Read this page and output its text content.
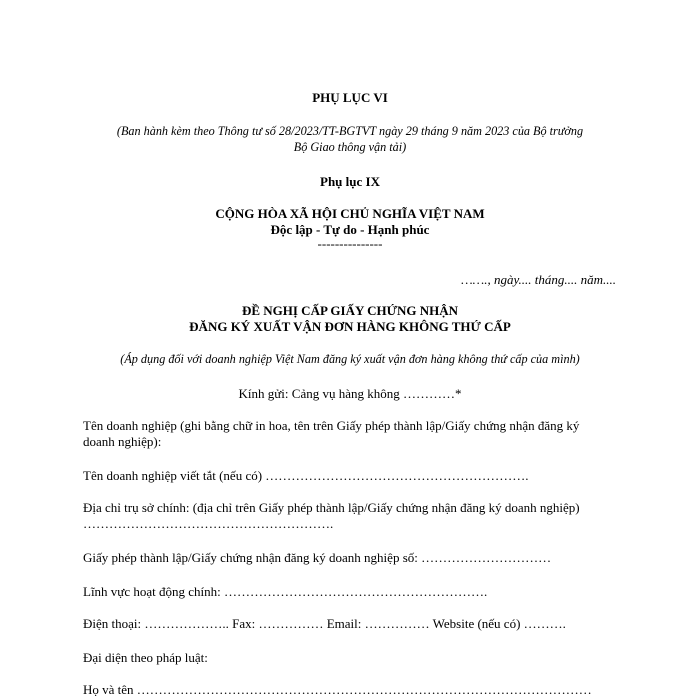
PHỤ LỤC VI
(Ban hành kèm theo Thông tư số 28/2023/TT-BGTVT ngày 29 tháng 9 năm 2023 của Bộ trưởng
Bộ Giao thông vận tải)
Phụ lục IX
CỘNG HÒA XÃ HỘI CHỦ NGHĨA VIỆT NAM
Độc lập - Tự do - Hạnh phúc
---------------
……., ngày.... tháng.... năm....
ĐỀ NGHỊ CẤP GIẤY CHỨNG NHẬN
ĐĂNG KÝ XUẤT VẬN ĐƠN HÀNG KHÔNG THỨ CẤP
(Áp dụng đối với doanh nghiệp Việt Nam đăng ký xuất vận đơn hàng không thứ cấp của mình)
Kính gửi: Cảng vụ hàng không …………*
Tên doanh nghiệp (ghi bằng chữ in hoa, tên trên Giấy phép thành lập/Giấy chứng nhận đăng ký
doanh nghiệp):
Tên doanh nghiệp viết tắt (nếu có) …………………………………………………….
Địa chỉ trụ sở chính: (địa chỉ trên Giấy phép thành lập/Giấy chứng nhận đăng ký doanh nghiệp)
………………………………………………….
Giấy phép thành lập/Giấy chứng nhận đăng ký doanh nghiệp số: …………………………
Lĩnh vực hoạt động chính: …………………………………………………….
Điện thoại: ……………….. Fax: …………… Email: …………… Website (nếu có) ……….
Đại diện theo pháp luật:
Họ và tên ……………………………………………………………………………………………
